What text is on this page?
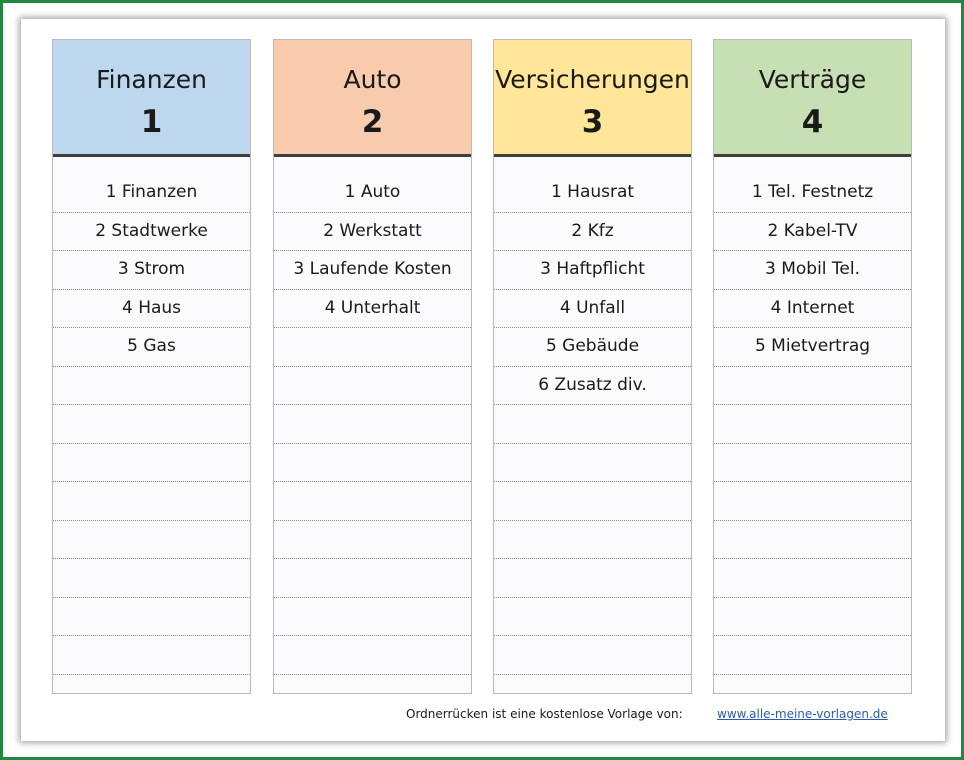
Finanzen
1
1 Finanzen
2 Stadtwerke
3 Strom
4 Haus
5 Gas
Auto
2
1 Auto
2 Werkstatt
3 Laufende Kosten
4 Unterhalt
Versicherungen
3
1 Hausrat
2 Kfz
3 Haftpflicht
4 Unfall
5 Gebäude
6 Zusatz div.
Verträge
4
1 Tel. Festnetz
2 Kabel-TV
3 Mobil Tel.
4 Internet
5 Mietvertrag
Ordnerrücken ist eine kostenlose Vorlage von:	www.alle-meine-vorlagen.de
